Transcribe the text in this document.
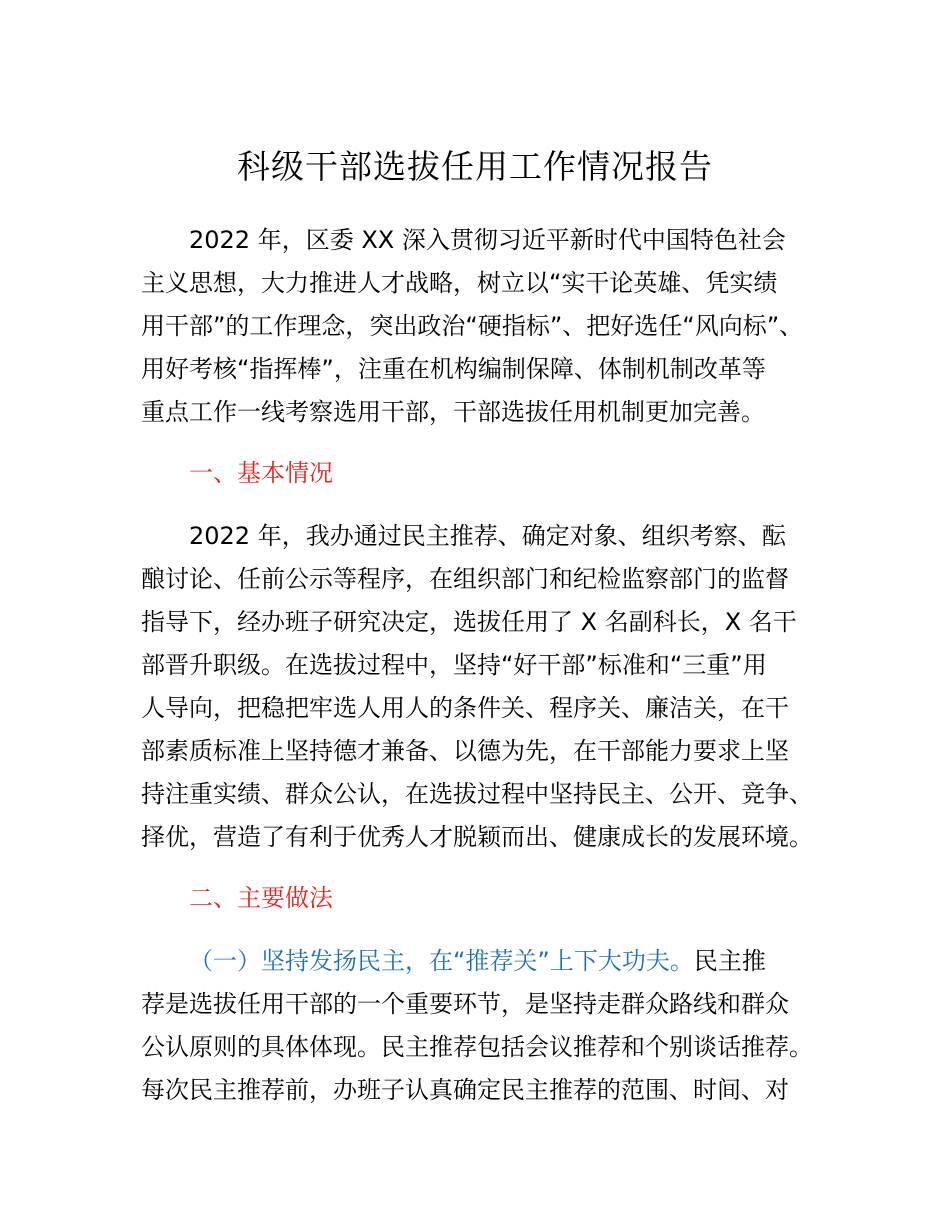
科级干部选拔任用工作情况报告
2022 年，区委 XX 深入贯彻习近平新时代中国特色社会
主义思想，大力推进人才战略，树立以“实干论英雄、凭实绩
用干部”的工作理念，突出政治“硬指标”、把好选任“风向标”、
用好考核“指挥棒”，注重在机构编制保障、体制机制改革等
重点工作一线考察选用干部，干部选拔任用机制更加完善。
一、基本情况
2022 年，我办通过民主推荐、确定对象、组织考察、酝
酿讨论、任前公示等程序，在组织部门和纪检监察部门的监督
指导下，经办班子研究决定，选拔任用了 X 名副科长，X 名干
部晋升职级。在选拔过程中，坚持“好干部”标准和“三重”用
人导向，把稳把牢选人用人的条件关、程序关、廉洁关，在干
部素质标准上坚持德才兼备、以德为先，在干部能力要求上坚
持注重实绩、群众公认，在选拔过程中坚持民主、公开、竞争、
择优，营造了有利于优秀人才脱颖而出、健康成长的发展环境。
二、主要做法
（一）坚持发扬民主，在“推荐关”上下大功夫。民主推
荐是选拔任用干部的一个重要环节，是坚持走群众路线和群众
公认原则的具体体现。民主推荐包括会议推荐和个别谈话推荐。
每次民主推荐前，办班子认真确定民主推荐的范围、时间、对
